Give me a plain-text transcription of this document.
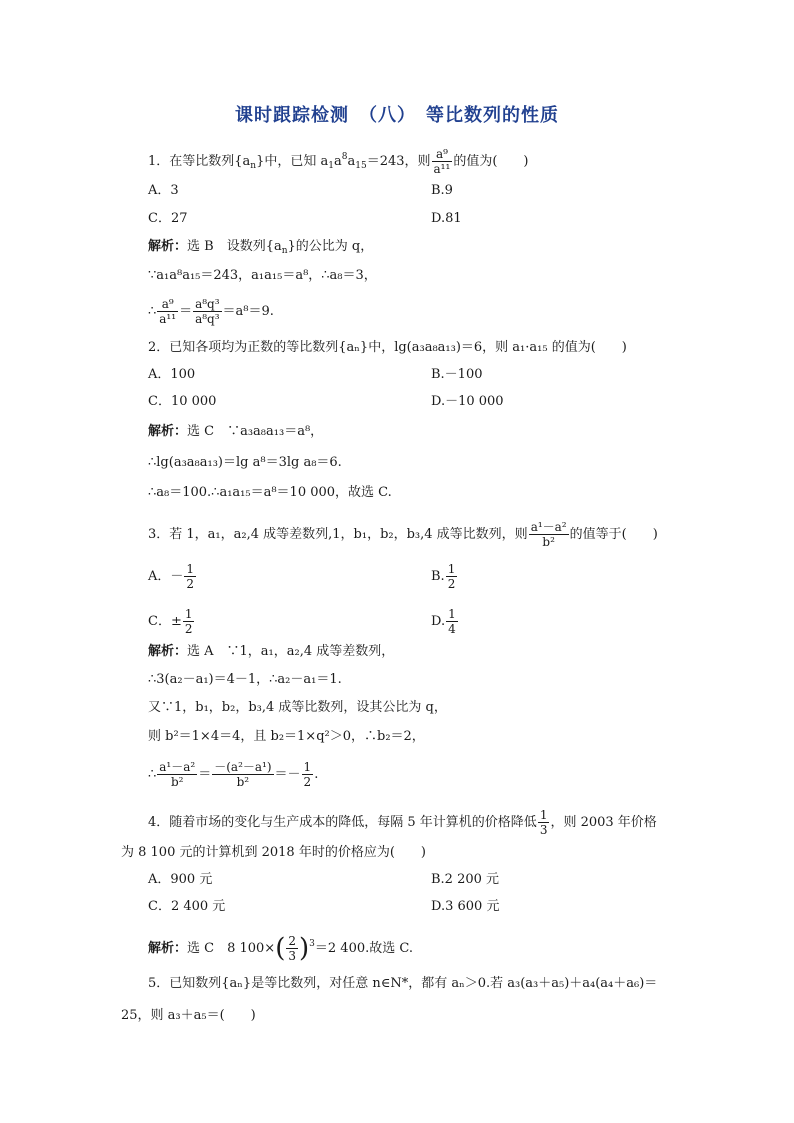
课时跟踪检测　（八）　等比数列的性质
1．在等比数列$\{a_n\}$中，已知 $a_1a^8a_{15}=243$，则 $\frac{\text{a⁹}}{\text{a¹¹}}$ 的值为(　　)
A．3	B.9
C．27	D.81
解析：选 B　设数列$\{a_n\}$的公比为 q，
∵a₁a⁸a₁₅＝243，a₁a₁₅＝a⁸，∴a₈＝3，
∴ $\frac{\text{a⁹}}{\text{a¹¹}} = \frac{\text{a⁸q³}}{\text{a⁸q³}} =a^8=9$.
2．已知各项均为正数的等比数列{aₙ}中，lg(a₃a₈a₁₃)＝6，则 a₁·a₁₅ 的值为(　　)
A．100	B.－100
C．10 000	D.－10 000
解析：选 C　∵a₃a₈a₁₃＝a⁸，
∴lg(a₃a₈a₁₃)＝lg a⁸＝3lg a₈＝6.
∴a₈＝100.∴a₁a₁₅＝a⁸＝10 000，故选 C.
3．若 1，a₁，a₂,4 成等差数列,1，b₁，b₂，b₃,4 成等比数列，则 $\frac{\text{a¹－a²}}{\text{b²}}$ 的值等于(　　)
A．－ $\frac{1}{2}$	B. $\frac{1}{2}$
C．± $\frac{1}{2}$	D. $\frac{1}{4}$
解析：选 A　∵1，a₁，a₂,4 成等差数列，
∴3(a₂－a₁)＝4－1，∴a₂－a₁＝1.
又∵1，b₁，b₂，b₃,4 成等比数列，设其公比为 q，
则 b²＝1×4＝4，且 b₂＝1×q²＞0，∴b₂＝2，
∴ $\frac{\text{a¹－a²}}{\text{b²}} = \frac{\text{－(a²－a¹)}}{\text{b²}} =- \frac{1}{2}$ .
4．随着市场的变化与生产成本的降低，每隔 5 年计算机的价格降低 $\frac{1}{3}$ ，则 2003 年价格
为 8 100 元的计算机到 2018 年时的价格应为(　　)
A．900 元	B.2 200 元
C．2 400 元	D.3 600 元
解析：选 C　8 $100\times( \frac{2}{3} )^3=2$ 400.故选 C.
5．已知数列{aₙ}是等比数列，对任意 n∈N*，都有 aₙ＞0.若 a₃(a₃＋a₅)＋a₄(a₄＋a₆)＝
25，则 a₃＋a₅＝(　　)
